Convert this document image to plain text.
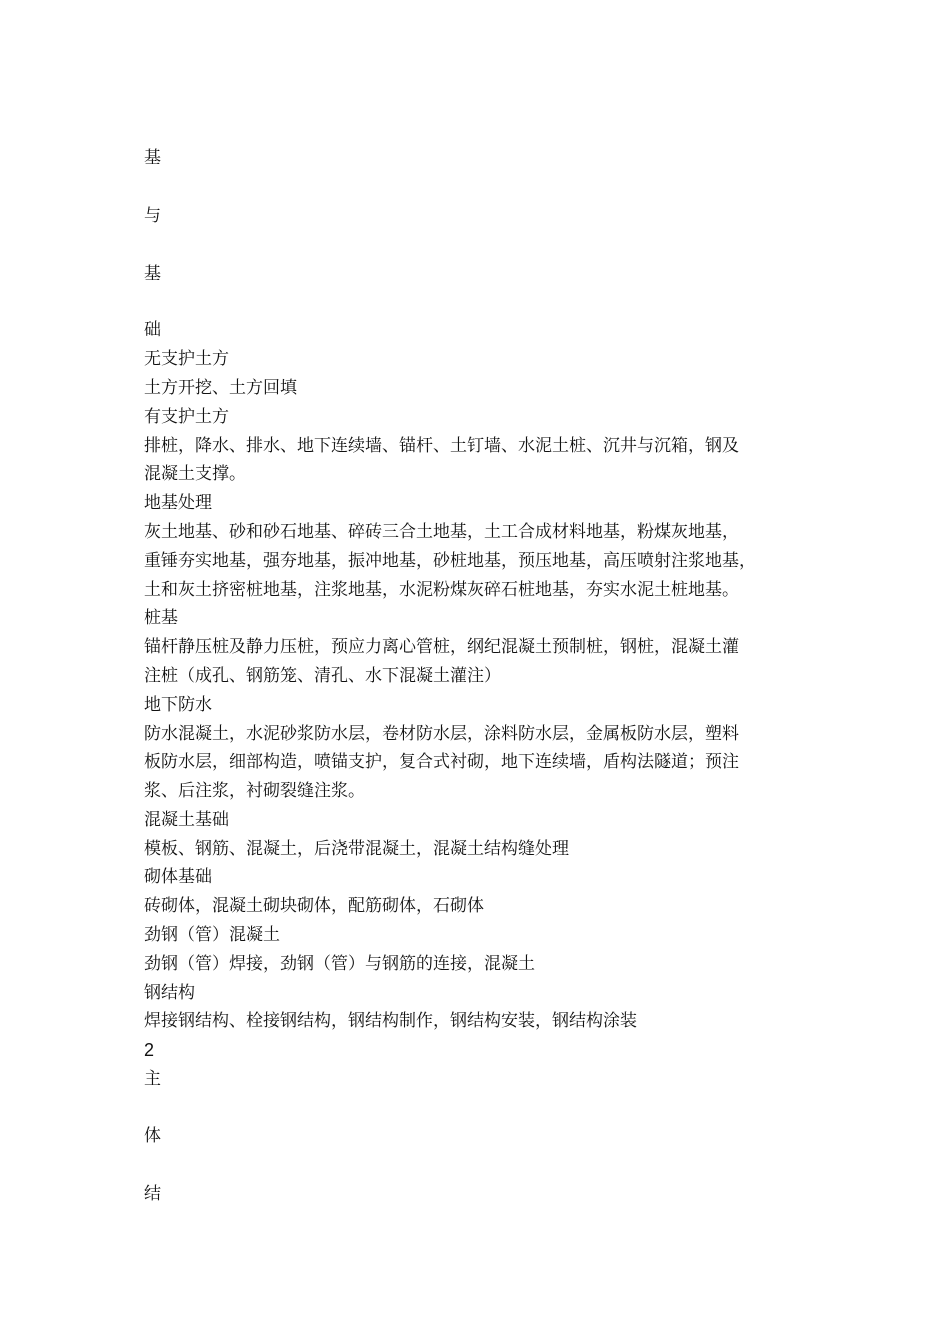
基
与
基
础
无支护土方
土方开挖、土方回填
有支护土方
排桩，降水、排水、地下连续墙、锚杆、土钉墙、水泥土桩、沉井与沉箱，钢及
混凝土支撑。
地基处理
灰土地基、砂和砂石地基、碎砖三合土地基，土工合成材料地基，粉煤灰地基，
重锤夯实地基，强夯地基，振冲地基，砂桩地基，预压地基，高压喷射注浆地基，
土和灰土挤密桩地基，注浆地基，水泥粉煤灰碎石桩地基，夯实水泥土桩地基。
桩基
锚杆静压桩及静力压桩，预应力离心管桩，纲纪混凝土预制桩，钢桩，混凝土灌
注桩（成孔、钢筋笼、清孔、水下混凝土灌注）
地下防水
防水混凝土，水泥砂浆防水层，卷材防水层，涂料防水层，金属板防水层，塑料
板防水层，细部构造，喷锚支护，复合式衬砌，地下连续墙，盾构法隧道；预注
浆、后注浆，衬砌裂缝注浆。
混凝土基础
模板、钢筋、混凝土，后浇带混凝土，混凝土结构缝处理
砌体基础
砖砌体，混凝土砌块砌体，配筋砌体，石砌体
劲钢（管）混凝土
劲钢（管）焊接，劲钢（管）与钢筋的连接，混凝土
钢结构
焊接钢结构、栓接钢结构，钢结构制作，钢结构安装，钢结构涂装
2
主
体
结
